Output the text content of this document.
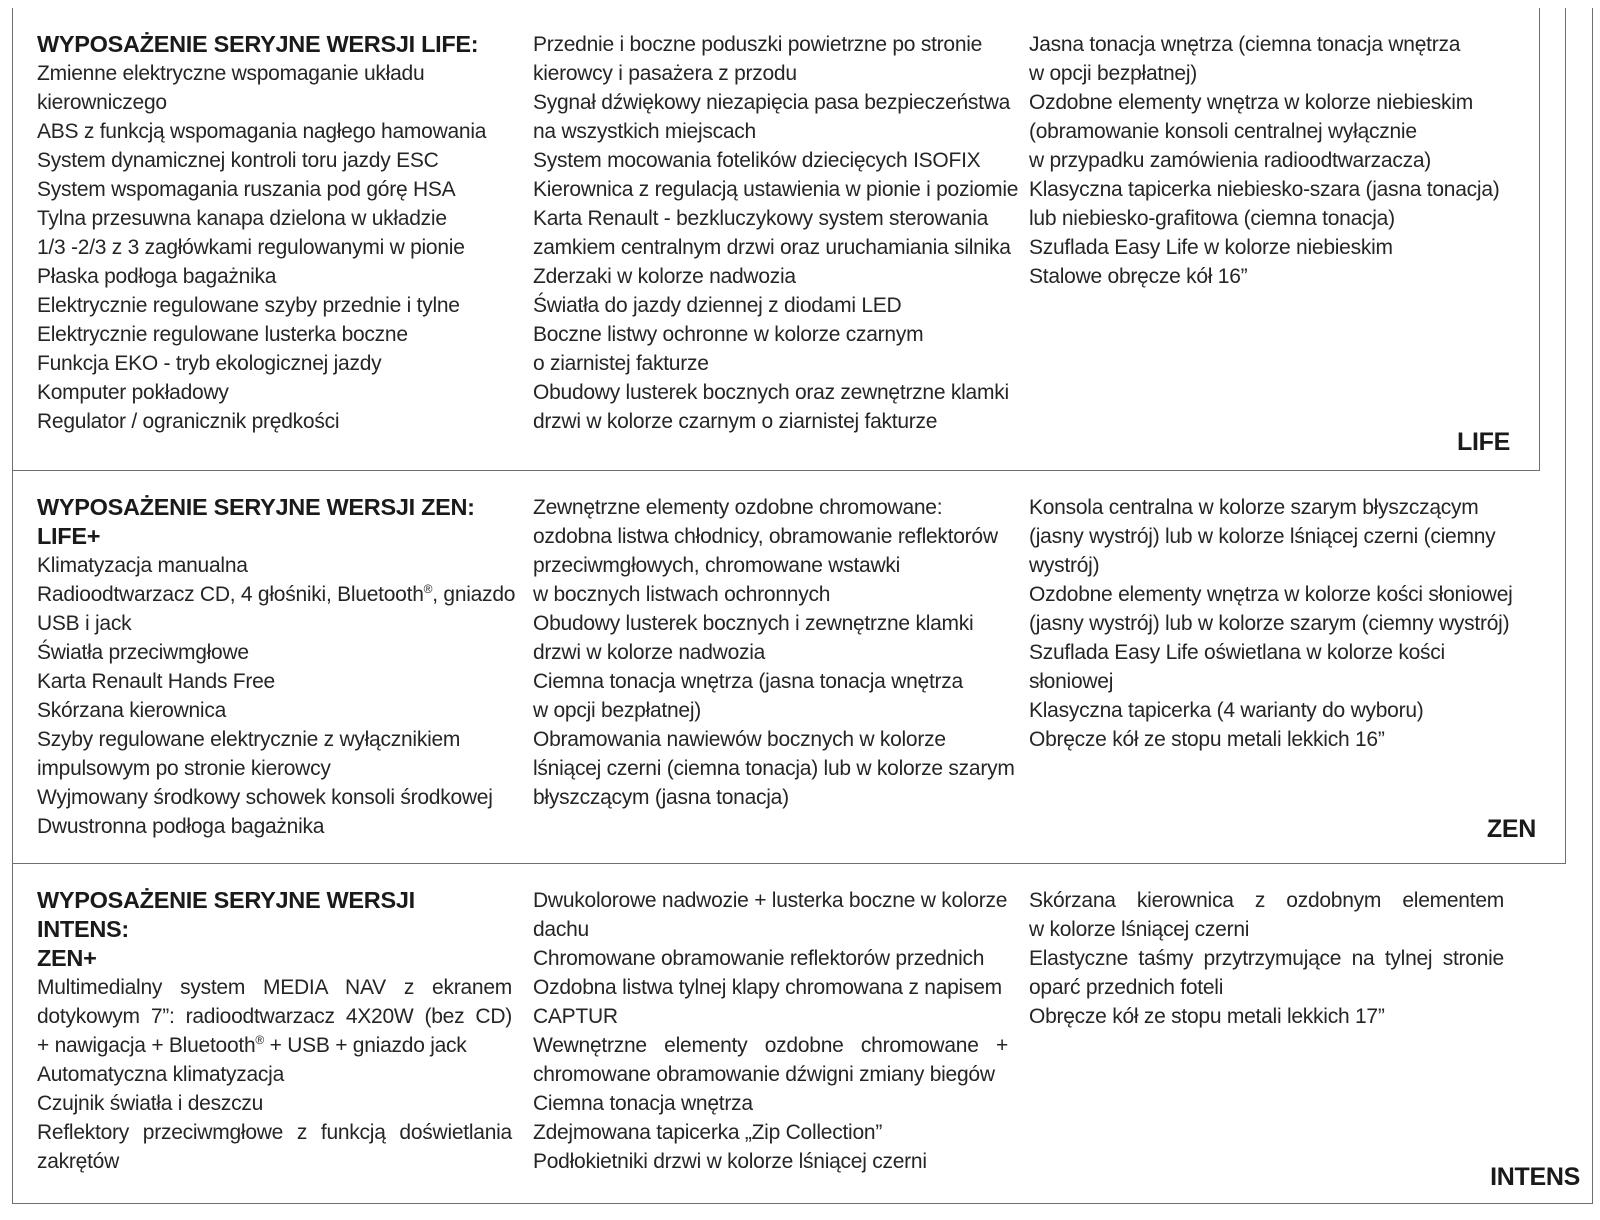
WYPOSAŻENIE SERYJNE WERSJI LIFE:

Zmienne elektryczne wspomaganie układu

kierowniczego

ABS z funkcją wspomagania nagłego hamowania

System dynamicznej kontroli toru jazdy ESC

System wspomagania ruszania pod górę HSA

Tylna przesuwna kanapa dzielona w układzie

1/3 -2/3 z 3 zagłówkami regulowanymi w pionie

Płaska podłoga bagażnika

Elektrycznie regulowane szyby przednie i tylne

Elektrycznie regulowane lusterka boczne

Funkcja EKO - tryb ekologicznej jazdy

Komputer pokładowy

Regulator / ogranicznik prędkości

Przednie i boczne poduszki powietrzne po stronie

kierowcy i pasażera z przodu

Sygnał dźwiękowy niezapięcia pasa bezpieczeństwa

na wszystkich miejscach

System mocowania fotelików dziecięcych ISOFIX

Kierownica z regulacją ustawienia w pionie i poziomie

Karta Renault - bezkluczykowy system sterowania

zamkiem centralnym drzwi oraz uruchamiania silnika

Zderzaki w kolorze nadwozia

Światła do jazdy dziennej z diodami LED

Boczne listwy ochronne w kolorze czarnym

o ziarnistej fakturze

Obudowy lusterek bocznych oraz zewnętrzne klamki

drzwi w kolorze czarnym o ziarnistej fakturze

Jasna tonacja wnętrza (ciemna tonacja wnętrza

w opcji bezpłatnej)

Ozdobne elementy wnętrza w kolorze niebieskim

(obramowanie konsoli centralnej wyłącznie

w przypadku zamówienia radioodtwarzacza)

Klasyczna tapicerka niebiesko-szara (jasna tonacja)

lub niebiesko-grafitowa (ciemna tonacja)

Szuflada Easy Life w kolorze niebieskim

Stalowe obręcze kół 16”

LIFE

WYPOSAŻENIE SERYJNE WERSJI ZEN:

LIFE+

Klimatyzacja manualna

Radioodtwarzacz CD, 4 głośniki, Bluetooth®, gniazdo

USB i jack

Światła przeciwmgłowe

Karta Renault Hands Free

Skórzana kierownica

Szyby regulowane elektrycznie z wyłącznikiem

impulsowym po stronie kierowcy

Wyjmowany środkowy schowek konsoli środkowej

Dwustronna podłoga bagażnika

Zewnętrzne elementy ozdobne chromowane:

ozdobna listwa chłodnicy, obramowanie reflektorów

przeciwmgłowych, chromowane wstawki

w bocznych listwach ochronnych

Obudowy lusterek bocznych i zewnętrzne klamki

drzwi w kolorze nadwozia

Ciemna tonacja wnętrza (jasna tonacja wnętrza

w opcji bezpłatnej)

Obramowania nawiewów bocznych w kolorze

lśniącej czerni (ciemna tonacja) lub w kolorze szarym

błyszczącym (jasna tonacja)

Konsola centralna w kolorze szarym błyszczącym

(jasny wystrój) lub w kolorze lśniącej czerni (ciemny

wystrój)

Ozdobne elementy wnętrza w kolorze kości słoniowej

(jasny wystrój) lub w kolorze szarym (ciemny wystrój)

Szuflada Easy Life oświetlana w kolorze kości

słoniowej

Klasyczna tapicerka (4 warianty do wyboru)

Obręcze kół ze stopu metali lekkich 16”

ZEN

WYPOSAŻENIE SERYJNE WERSJI INTENS:

ZEN+

Multimedialny system MEDIA NAV z ekranem

dotykowym 7”: radioodtwarzacz 4X20W (bez CD)

+ nawigacja + Bluetooth® + USB + gniazdo jack

Automatyczna klimatyzacja

Czujnik światła i deszczu

Reflektory przeciwmgłowe z funkcją doświetlania

zakrętów

Dwukolorowe nadwozie + lusterka boczne w kolorze

dachu

Chromowane obramowanie reflektorów przednich

Ozdobna listwa tylnej klapy chromowana z napisem

CAPTUR

Wewnętrzne elementy ozdobne chromowane +

chromowane obramowanie dźwigni zmiany biegów

Ciemna tonacja wnętrza

Zdejmowana tapicerka „Zip Collection”

Podłokietniki drzwi w kolorze lśniącej czerni

Skórzana kierownica z ozdobnym elementem

w kolorze lśniącej czerni

Elastyczne taśmy przytrzymujące na tylnej stronie

oparć przednich foteli

Obręcze kół ze stopu metali lekkich 17”

INTENS
